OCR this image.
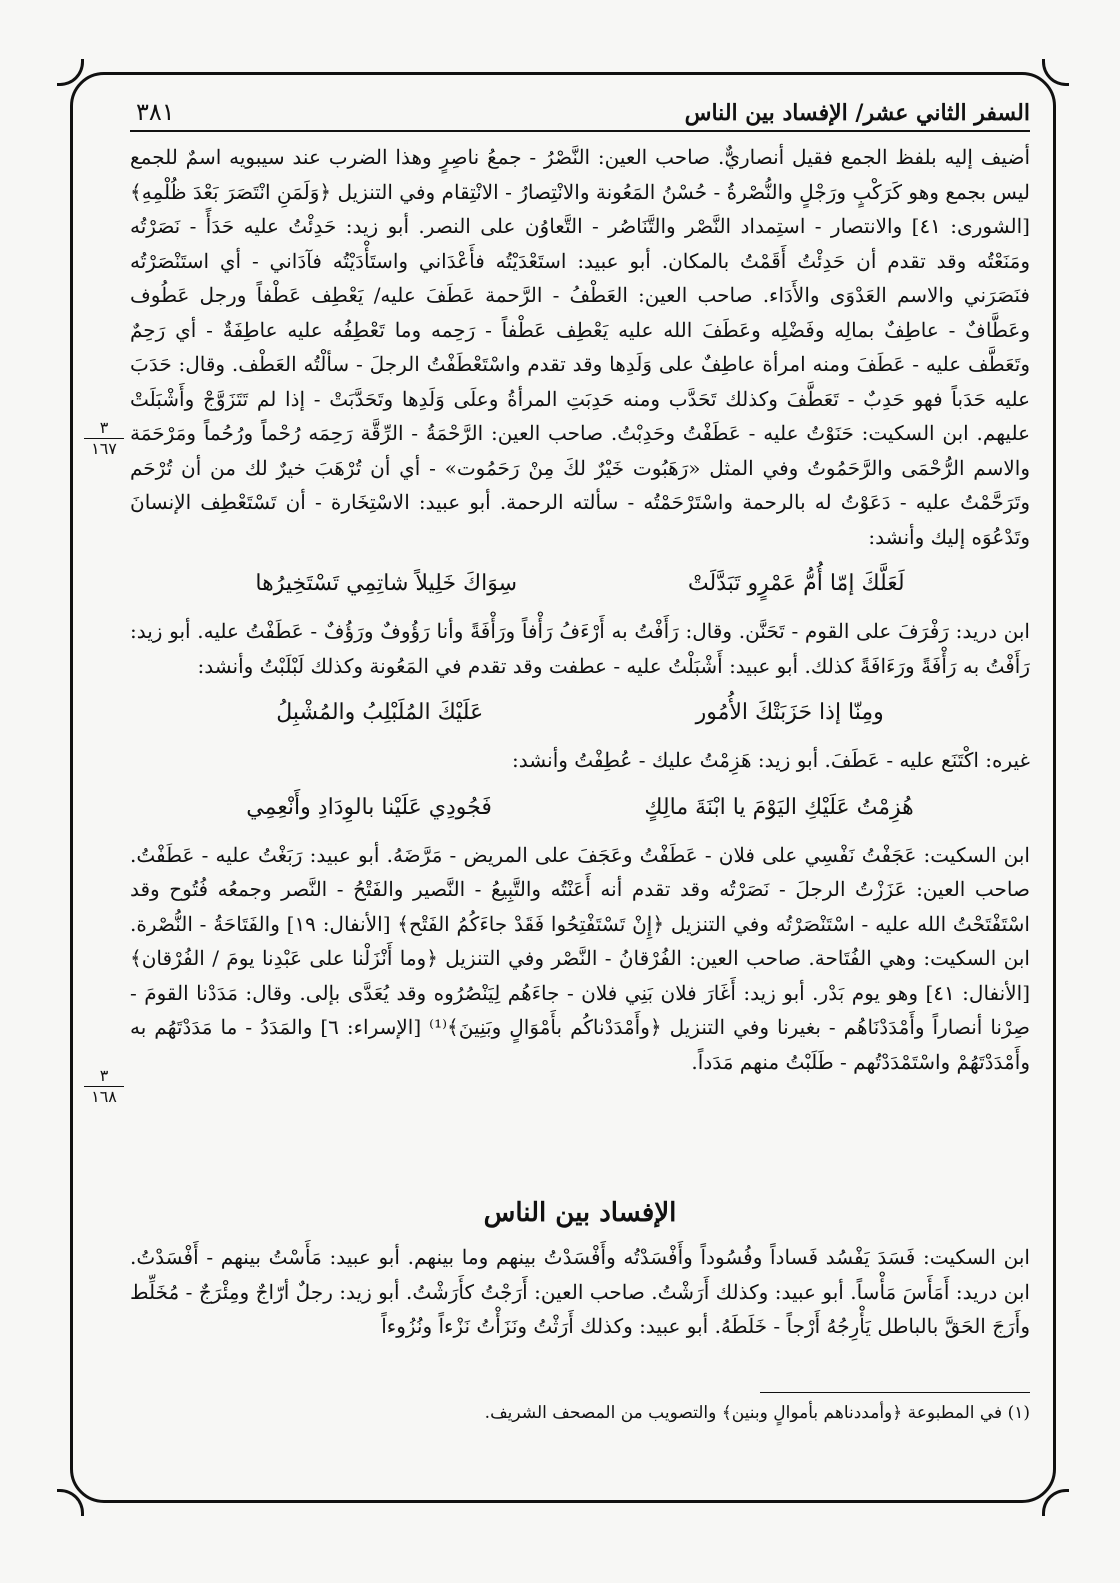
السفر الثاني عشر/ الإفساد بين الناس
٣٨١
٣
١٦٧
٣
١٦٨

أضيف إليه بلفظ الجمع فقيل أنصاريٌّ. صاحب العين: النَّصْرُ - جمعُ ناصِرٍ وهذا الضرب عند سيبويه اسمٌ للجمع ليس بجمع وهو كَرَكْبٍ ورَجْلٍ والنُّصْرةُ - حُسْنُ المَعُونة والانْتِصارُ - الانْتِقام وفي التنزيل ﴿وَلَمَنِ انْتَصَرَ بَعْدَ ظُلْمِهِ﴾ [الشورى: ٤١] والانتصار - استِمداد النَّصْر والتَّنَاصُر - التَّعاوُن على النصر. أبو زيد: حَدِئْتُ عليه حَدَأً - نَصَرْتُه ومَنَعْتُه وقد تقدم أن حَدِئْتُ أَقَمْتُ بالمكان. أبو عبيد: استَعْدَيْتُه فأَعْدَاني واستَأْدَيْتُه فآدَاني - أي استَنْصَرْتُه فنَصَرَني والاسم العَدْوَى والأَدَاء. صاحب العين: العَطْفُ - الرَّحمة عَطَفَ عليه/ يَعْطِف عَطْفاً ورجل عَطُوف وعَطَّافٌ - عاطِفٌ بمالِه وفَضْلِه وعَطَفَ الله عليه يَعْطِف عَطْفاً - رَحِمه وما تَعْطِفُه عليه عاطِفَةٌ - أي رَحِمٌ وتَعَطَّف عليه - عَطَفَ ومنه امرأة عاطِفٌ على وَلَدِها وقد تقدم واسْتَعْطَفْتُ الرجلَ - سألْتُه العَطْف. وقال: حَدَبَ عليه حَدَباً فهو حَدِبٌ - تَعَطَّفَ وكذلك تَحَدَّب ومنه حَدِبَتِ المرأةُ وعلَى وَلَدِها وتَحَدَّبَتْ - إذا لم تَتَزَوَّجْ وأَشْبَلَتْ عليهم. ابن السكيت: حَنَوْتُ عليه - عَطَفْتُ وحَدِبْتُ. صاحب العين: الرَّحْمَةُ - الرِّقَّة رَحِمَه رُحْماً ورُحُماً ومَرْحَمَة والاسم الرُّحْمَى والرَّحَمُوتُ وفي المثل «رَهَبُوت خَيْرٌ لكَ مِنْ رَحَمُوت» - أي أن تُرْهَبَ خيرٌ لك من أن تُرْحَم وتَرَحَّمْتُ عليه - دَعَوْتُ له بالرحمة واسْتَرْحَمْتُه - سألته الرحمة. أبو عبيد: الاسْتِخَارة - أن تَسْتَعْطِف الإنسانَ وتَدْعُوَه إليك وأنشد:

لَعَلَّكَ إمّا أُمُّ عَمْرٍو تَبَدَّلَتْ
سِوَاكَ خَلِيلاً شاتِمِي تَسْتَخِيرُها

ابن دريد: رَفْرَفَ على القوم - تَحَنَّن. وقال: رَأَفْتُ به أَرْءَفُ رَأْفاً ورَأْفَةً وأنا رَؤُوفٌ ورَؤُفٌ - عَطَفْتُ عليه. أبو زيد: رَأَفْتُ به رَأْفَةً ورَءَافَةً كذلك. أبو عبيد: أَشْبَلْتُ عليه - عطفت وقد تقدم في المَعُونة وكذلك لَبْلَبْتُ وأنشد:

ومِنّا إذا حَزَبَتْكَ الأُمُور
عَلَيْكَ المُلَبْلِبُ والمُشْبِلُ

غيره: اكْتَنَع عليه - عَطَفَ. أبو زيد: هَزِمْتُ عليك - عُطِفْتُ وأنشد:

هُزِمْتُ عَلَيْكِ اليَوْمَ يا ابْنَةَ مالِكٍ
فَجُودِي عَلَيْنا بالوِدَادِ وأَنْعِمِي

ابن السكيت: عَجَفْتُ نَفْسِي على فلان - عَطَفْتُ وعَجَفَ على المريض - مَرَّضَهُ. أبو عبيد: رَبَغْتُ عليه - عَطَفْتُ. صاحب العين: عَزَزْتُ الرجلَ - نَصَرْتُه وقد تقدم أنه أَعَنْتُه والتَّبِيعُ - النَّصير والفَتْحُ - النَّصر وجمعُه فُتُوح وقد اسْتَفْتَحْتُ الله عليه - اسْتَنْصَرْتُه وفي التنزيل ﴿إِنْ تَسْتَفْتِحُوا فَقَدْ جاءَكُمُ الفَتْح﴾ [الأنفال: ١٩] والفَتَاحَةُ - النُّصْرة. ابن السكيت: وهي الفُتَاحة. صاحب العين: الفُرْقانُ - النَّصْر وفي التنزيل ﴿وما أَنْزَلْنا على عَبْدِنا يومَ / الفُرْقان﴾ [الأنفال: ٤١] وهو يوم بَدْر. أبو زيد: أَغَارَ فلان بَنِي فلان - جاءَهُم لِيَنْصُرُوه وقد يُعَدَّى بإلى. وقال: مَدَدْنا القومَ - صِرْنا أنصاراً وأَمْدَدْنَاهُم - بغيرنا وفي التنزيل ﴿وأَمْدَدْناكُم بأَمْوَالٍ وبَنِينَ﴾⁽¹⁾ [الإسراء: ٦] والمَدَدُ - ما مَدَدْتَهُم به وأَمْدَدْتَهُمْ واسْتَمْدَدْتُهم - طَلَبْتُ منهم مَدَداً.

الإفساد بين الناس

ابن السكيت: فَسَدَ يَفْسُد فَساداً وفُسُوداً وأَفْسَدْتُه وأَفْسَدْتُ بينهم وما بينهم. أبو عبيد: مَأَسْتُ بينهم - أَفْسَدْتُ. ابن دريد: أَمَأَسَ مَأْساً. أبو عبيد: وكذلك أَرَشْتُ. صاحب العين: أَرَجْتُ كأَرَشْتُ. أبو زيد: رجلٌ أرّاجٌ ومِئْرَجٌ - مُخَلِّط وأَرَجَ الحَقَّ بالباطل يَأْرِجُهُ أَرْجاً - خَلَطَهُ. أبو عبيد: وكذلك أَرَثْتُ ونَزَأْتُ نَزْءاً ونُزُوءاً

(١) في المطبوعة ﴿وأمددناهم بأموالٍ وبنين﴾ والتصويب من المصحف الشريف.
